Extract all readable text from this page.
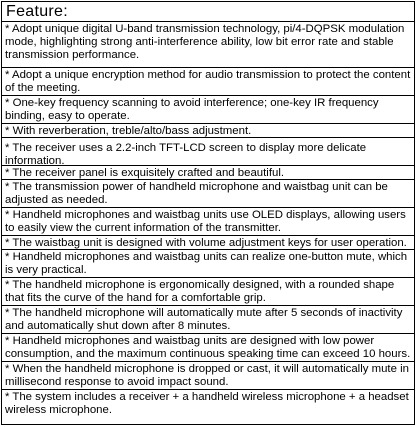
Feature:
* Adopt unique digital U-band transmission technology, pi/4-DQPSK modulation mode, highlighting strong anti-interference ability, low bit error rate and stable transmission performance.
* Adopt a unique encryption method for audio transmission to protect the content of the meeting.
* One-key frequency scanning to avoid interference; one-key IR frequency binding, easy to operate.
* With reverberation, treble/alto/bass adjustment.
* The receiver uses a 2.2-inch TFT-LCD screen to display more delicate information.
* The receiver panel is exquisitely crafted and beautiful.
* The transmission power of handheld microphone and waistbag unit can be adjusted as needed.
* Handheld microphones and waistbag units use OLED displays, allowing users to easily view the current information of the transmitter.
* The waistbag unit is designed with volume adjustment keys for user operation.
* Handheld microphones and waistbag units can realize one-button mute, which is very practical.
* The handheld microphone is ergonomically designed, with a rounded shape that fits the curve of the hand for a comfortable grip.
* The handheld microphone will automatically mute after 5 seconds of inactivity and automatically shut down after 8 minutes.
* Handheld microphones and waistbag units are designed with low power consumption, and the maximum continuous speaking time can exceed 10 hours.
* When the handheld microphone is dropped or cast, it will automatically mute in millisecond response to avoid impact sound.
* The system includes a receiver + a handheld wireless microphone + a headset wireless microphone.
